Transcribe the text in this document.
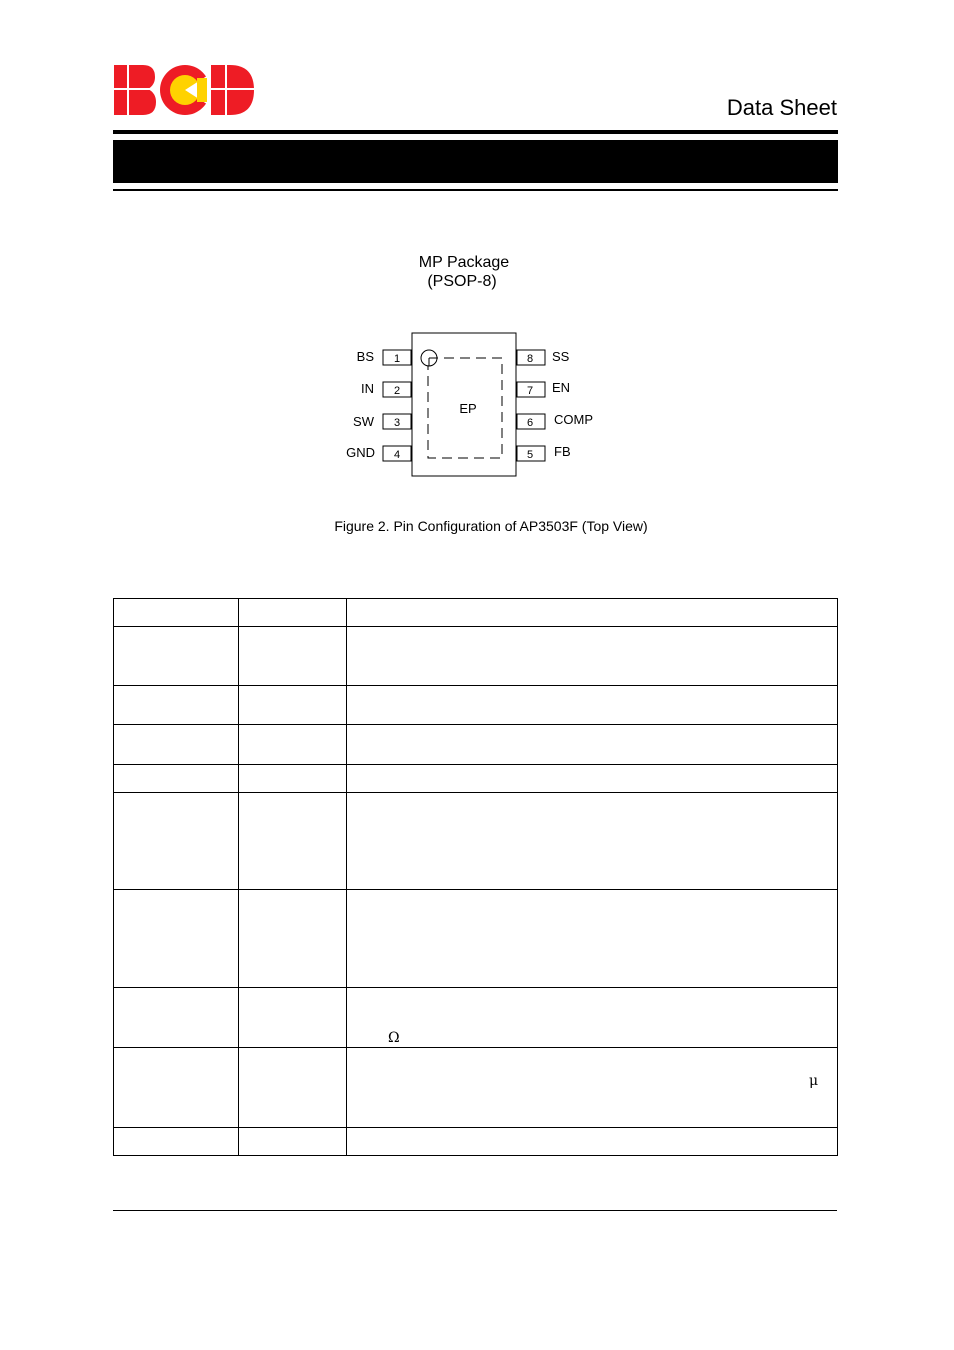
BCD
Data Sheet
MP Package
(PSOP-8)
EP
1
BS
2
IN
3
SW
4
GND
8 SS
7 EN
6 COMP
5 FB
Figure 2. Pin Configuration of AP3503F (Top View)
Ω
μ
